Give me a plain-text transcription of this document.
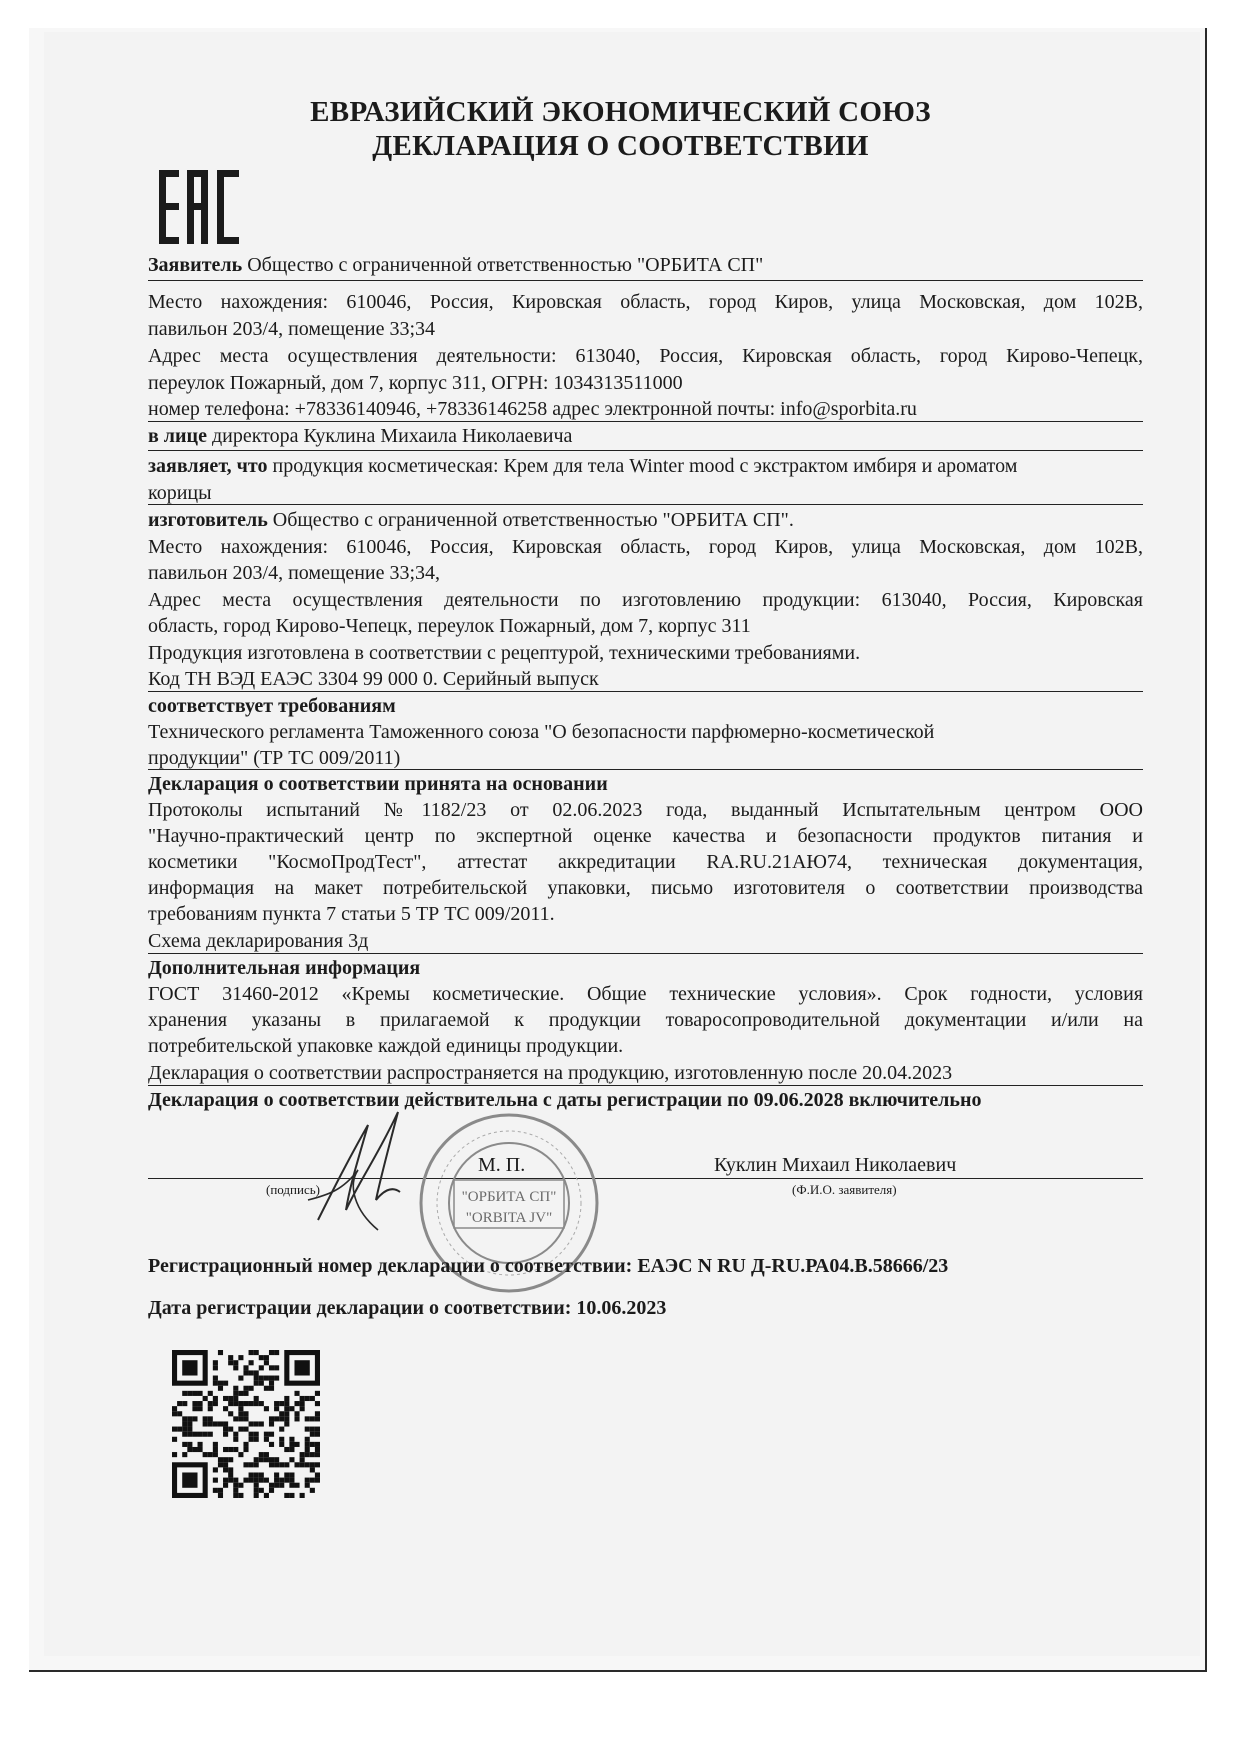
ЕВРАЗИЙСКИЙ ЭКОНОМИЧЕСКИЙ СОЮЗ
ДЕКЛАРАЦИЯ О СООТВЕТСТВИИ
Заявитель Общество с ограниченной ответственностью "ОРБИТА СП"
Место нахождения: 610046, Россия, Кировская область, город Киров, улица Московская, дом 102В,
павильон 203/4, помещение 33;34
Адрес места осуществления деятельности: 613040, Россия, Кировская область, город Кирово-Чепецк,
переулок Пожарный, дом 7, корпус 311, ОГРН: 1034313511000
номер телефона: +78336140946, +78336146258 адрес электронной почты: info@sporbita.ru
в лице директора Куклина Михаила Николаевича
заявляет, что продукция косметическая: Крем для тела Winter mood с экстрактом имбиря и ароматом
корицы
изготовитель Общество с ограниченной ответственностью "ОРБИТА СП".
Место нахождения: 610046, Россия, Кировская область, город Киров, улица Московская, дом 102В,
павильон 203/4, помещение 33;34,
Адрес места осуществления деятельности по изготовлению продукции: 613040, Россия, Кировская
область, город Кирово-Чепецк, переулок Пожарный, дом 7, корпус 311
Продукция изготовлена в соответствии с рецептурой, техническими требованиями.
Код ТН ВЭД ЕАЭС 3304 99 000 0. Серийный выпуск
соответствует требованиям
Технического регламента Таможенного союза "О безопасности парфюмерно-косметической
продукции" (ТР ТС 009/2011)
Декларация о соответствии принята на основании
Протоколы испытаний №1182/23 от 02.06.2023 года, выданный Испытательным центром ООО
"Научно-практический центр по экспертной оценке качества и безопасности продуктов питания и
косметики "КосмоПродТест", аттестат аккредитации RA.RU.21АЮ74, техническая документация,
информация на макет потребительской упаковки, письмо изготовителя о соответствии производства
требованиям пункта 7 статьи 5 ТР ТС 009/2011.
Схема декларирования 3д
Дополнительная информация
ГОСТ 31460-2012 «Кремы косметические. Общие технические условия». Срок годности, условия
хранения указаны в прилагаемой к продукции товаросопроводительной документации и/или на
потребительской упаковке каждой единицы продукции.
Декларация о соответствии распространяется на продукцию, изготовленную после 20.04.2023
Декларация о соответствии действительна с даты регистрации по 09.06.2028 включительно
М. П.	Куклин Михаил Николаевич
(подпись)	(Ф.И.О. заявителя)
"ОРБИТА СП"
"ORBITA JV"
Регистрационный номер декларации о соответствии: ЕАЭС N RU Д-RU.РА04.В.58666/23
Дата регистрации декларации о соответствии: 10.06.2023
